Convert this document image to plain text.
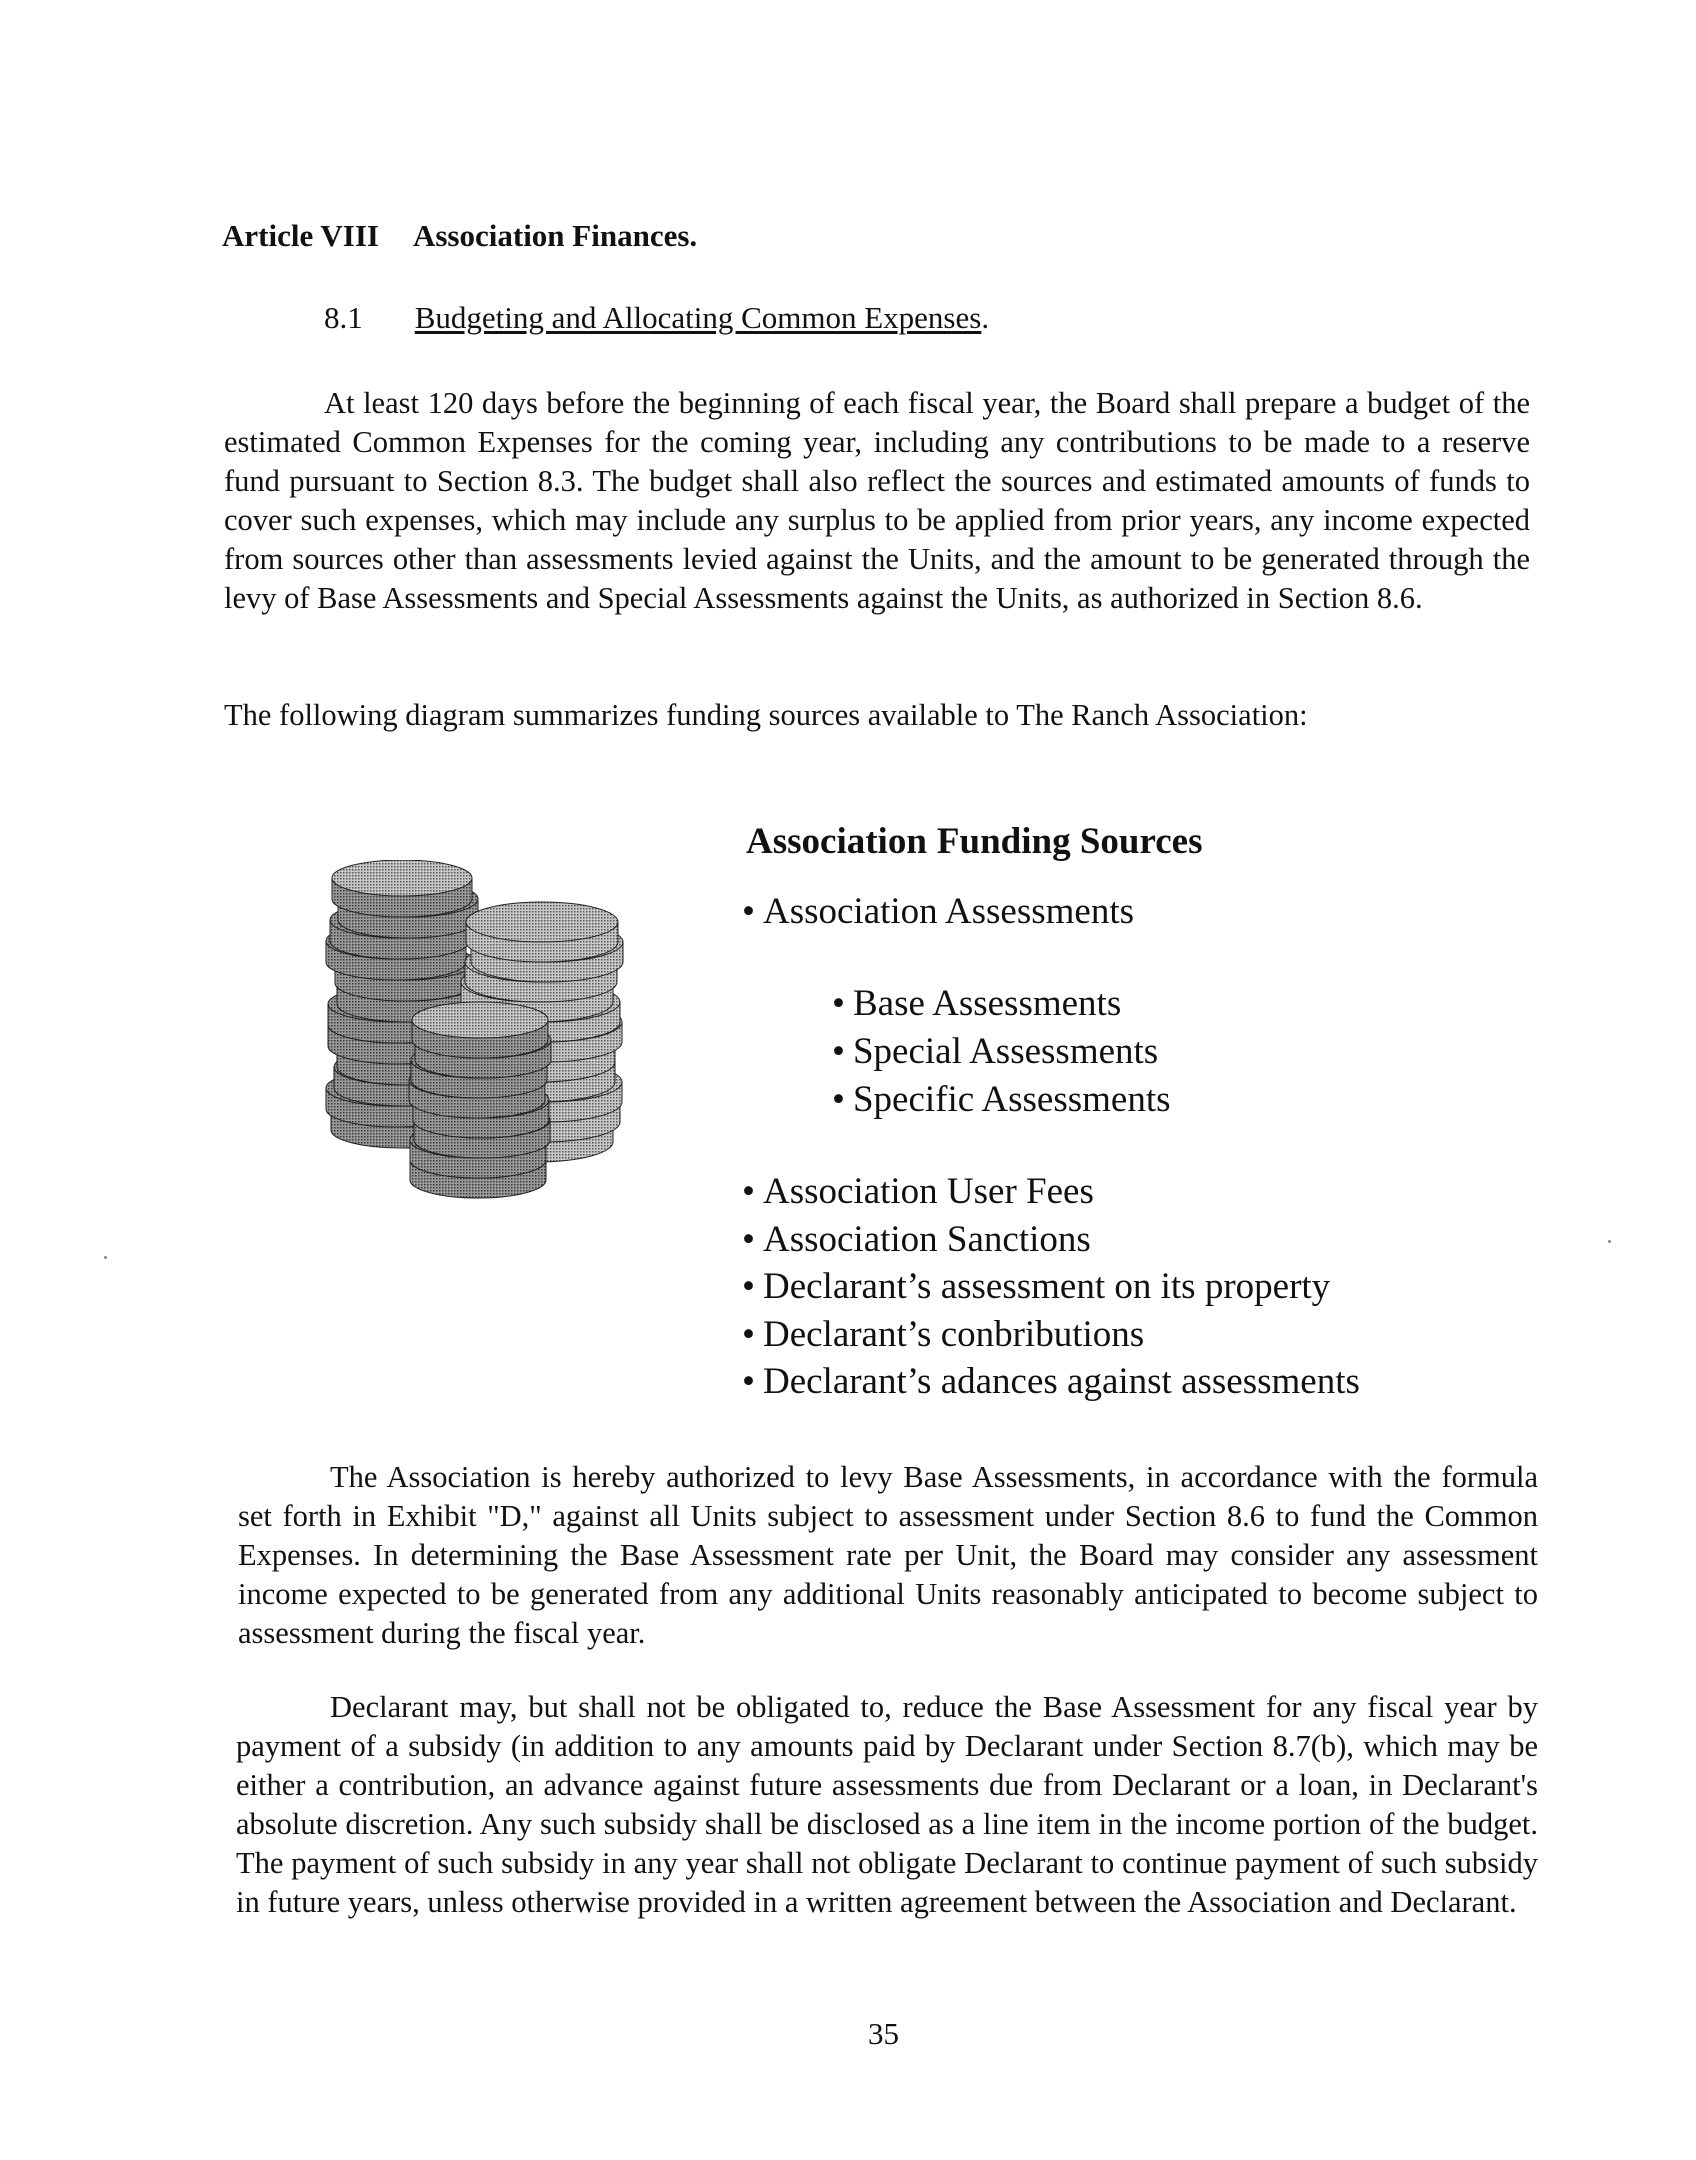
Article VIII Association Finances.
8.1 Budgeting and Allocating Common Expenses.

At least 120 days before the beginning of each fiscal year, the Board shall prepare a budget of the estimated Common Expenses for the coming year, including any contributions to be made to a reserve fund pursuant to Section 8.3. The budget shall also reflect the sources and estimated amounts of funds to cover such expenses, which may include any surplus to be applied from prior years, any income expected from sources other than assessments levied against the Units, and the amount to be generated through the levy of Base Assessments and Special Assessments against the Units, as authorized in Section 8.6.

The following diagram summarizes funding sources available to The Ranch Association:

Association Funding Sources
• Association Assessments
• Base Assessments
• Special Assessments
• Specific Assessments
• Association User Fees
• Association Sanctions
• Declarant’s assessment on its property
• Declarant’s conbributions
• Declarant’s adances against assessments

The Association is hereby authorized to levy Base Assessments, in accordance with the formula set forth in Exhibit "D," against all Units subject to assessment under Section 8.6 to fund the Common Expenses. In determining the Base Assessment rate per Unit, the Board may consider any assessment income expected to be generated from any additional Units reasonably anticipated to become subject to assessment during the fiscal year.

Declarant may, but shall not be obligated to, reduce the Base Assessment for any fiscal year by payment of a subsidy (in addition to any amounts paid by Declarant under Section 8.7(b), which may be either a contribution, an advance against future assessments due from Declarant or a loan, in Declarant's absolute discretion. Any such subsidy shall be disclosed as a line item in the income portion of the budget. The payment of such subsidy in any year shall not obligate Declarant to continue payment of such subsidy in future years, unless otherwise provided in a written agreement between the Association and Declarant.

35
